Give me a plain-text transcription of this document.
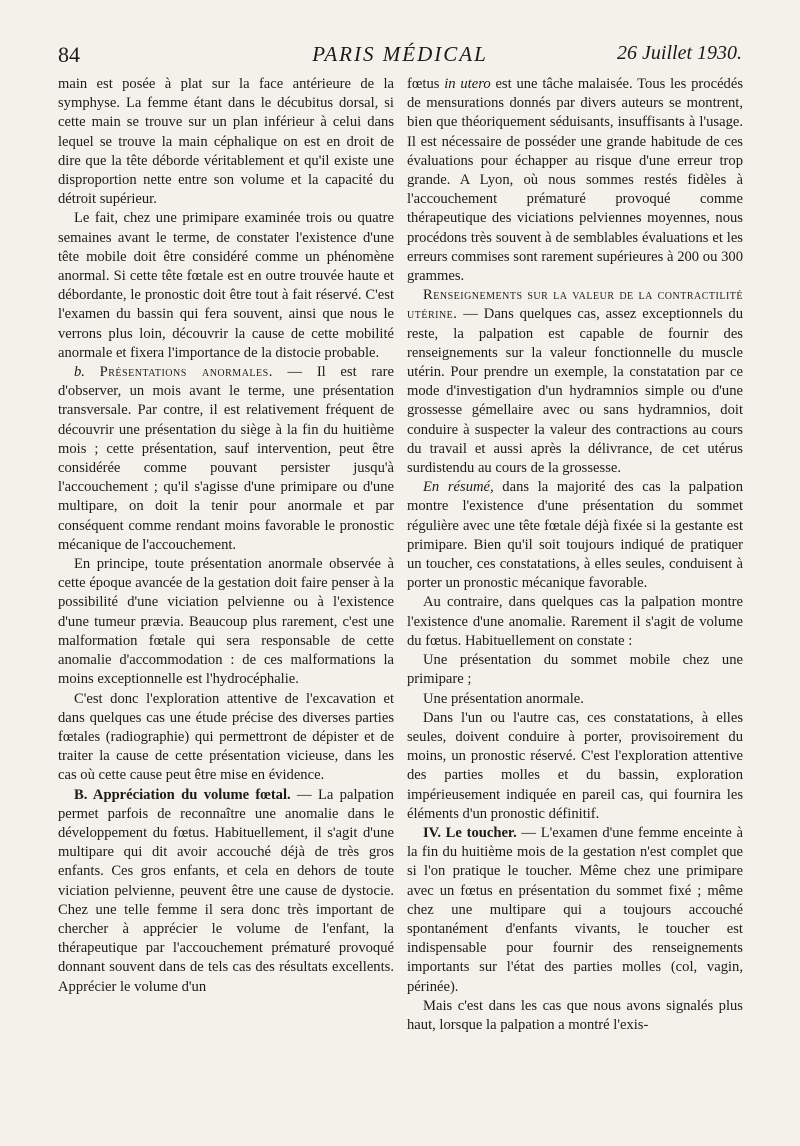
84	PARIS MÉDICAL	26 Juillet 1930.

main est posée à plat sur la face antérieure de la symphyse. La femme étant dans le décubitus dorsal, si cette main se trouve sur un plan inférieur à celui dans lequel se trouve la main céphalique on est en droit de dire que la tête déborde véritablement et qu'il existe une disproportion nette entre son volume et la capacité du détroit supérieur.

Le fait, chez une primipare examinée trois ou quatre semaines avant le terme, de constater l'existence d'une tête mobile doit être considéré comme un phénomène anormal. Si cette tête fœtale est en outre trouvée haute et débordante, le pronostic doit être tout à fait réservé. C'est l'examen du bassin qui fera souvent, ainsi que nous le verrons plus loin, découvrir la cause de cette mobilité anormale et fixera l'importance de la distocie probable.

b. Présentations anormales. — Il est rare d'observer, un mois avant le terme, une présentation transversale. Par contre, il est relativement fréquent de découvrir une présentation du siège à la fin du huitième mois ; cette présentation, sauf intervention, peut être considérée comme pouvant persister jusqu'à l'accouchement ; qu'il s'agisse d'une primipare ou d'une multipare, on doit la tenir pour anormale et par conséquent comme rendant moins favorable le pronostic mécanique de l'accouchement.

En principe, toute présentation anormale observée à cette époque avancée de la gestation doit faire penser à la possibilité d'une viciation pelvienne ou à l'existence d'une tumeur prævia. Beaucoup plus rarement, c'est une malformation fœtale qui sera responsable de cette anomalie d'accommodation : de ces malformations la moins exceptionnelle est l'hydrocéphalie.

C'est donc l'exploration attentive de l'excavation et dans quelques cas une étude précise des diverses parties fœtales (radiographie) qui permettront de dépister et de traiter la cause de cette présentation vicieuse, dans les cas où cette cause peut être mise en évidence.

B. Appréciation du volume fœtal. — La palpation permet parfois de reconnaître une anomalie dans le développement du fœtus. Habituellement, il s'agit d'une multipare qui dit avoir accouché déjà de très gros enfants. Ces gros enfants, et cela en dehors de toute viciation pelvienne, peuvent être une cause de dystocie. Chez une telle femme il sera donc très important de chercher à apprécier le volume de l'enfant, la thérapeutique par l'accouchement prématuré provoqué donnant souvent dans de tels cas des résultats excellents. Apprécier le volume d'un

fœtus in utero est une tâche malaisée. Tous les procédés de mensurations donnés par divers auteurs se montrent, bien que théoriquement séduisants, insuffisants à l'usage. Il est nécessaire de posséder une grande habitude de ces évaluations pour échapper au risque d'une erreur trop grande. A Lyon, où nous sommes restés fidèles à l'accouchement prématuré provoqué comme thérapeutique des viciations pelviennes moyennes, nous procédons très souvent à de semblables évaluations et les erreurs commises sont rarement supérieures à 200 ou 300 grammes.

Renseignements sur la valeur de la contractilité utérine. — Dans quelques cas, assez exceptionnels du reste, la palpation est capable de fournir des renseignements sur la valeur fonctionnelle du muscle utérin. Pour prendre un exemple, la constatation par ce mode d'investigation d'un hydramnios simple ou d'une grossesse gémellaire avec ou sans hydramnios, doit conduire à suspecter la valeur des contractions au cours du travail et aussi après la délivrance, de cet utérus surdistendu au cours de la grossesse.

En résumé, dans la majorité des cas la palpation montre l'existence d'une présentation du sommet régulière avec une tête fœtale déjà fixée si la gestante est primipare. Bien qu'il soit toujours indiqué de pratiquer un toucher, ces constatations, à elles seules, conduisent à porter un pronostic mécanique favorable.

Au contraire, dans quelques cas la palpation montre l'existence d'une anomalie. Rarement il s'agit de volume du fœtus. Habituellement on constate :

Une présentation du sommet mobile chez une primipare ;

Une présentation anormale.

Dans l'un ou l'autre cas, ces constatations, à elles seules, doivent conduire à porter, provisoirement du moins, un pronostic réservé. C'est l'exploration attentive des parties molles et du bassin, exploration impérieusement indiquée en pareil cas, qui fournira les éléments d'un pronostic définitif.

IV. Le toucher. — L'examen d'une femme enceinte à la fin du huitième mois de la gestation n'est complet que si l'on pratique le toucher. Même chez une primipare avec un fœtus en présentation du sommet fixé ; même chez une multipare qui a toujours accouché spontanément d'enfants vivants, le toucher est indispensable pour fournir des renseignements importants sur l'état des parties molles (col, vagin, périnée).

Mais c'est dans les cas que nous avons signalés plus haut, lorsque la palpation a montré l'exis-
